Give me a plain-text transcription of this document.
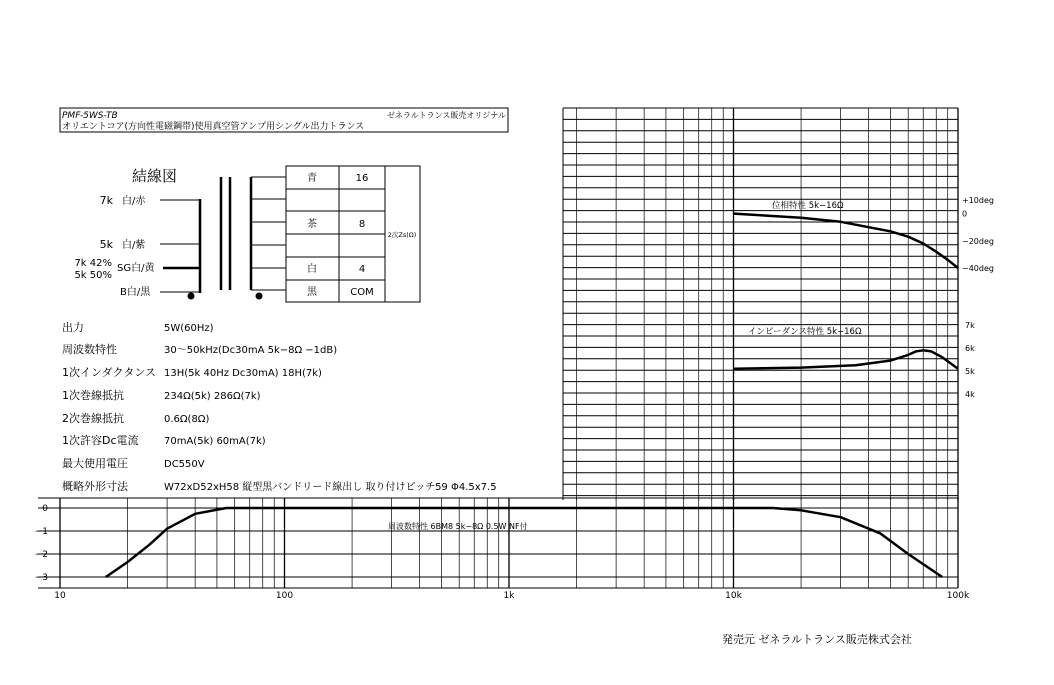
PMF-5WS-TB
オリエントコア(方向性電磁鋼帯)使用真空管アンプ用シングル出力トランス
ゼネラルトランス販売オリジナル
結線図
7k 白/赤
5k 白/紫
7k 42%
5k 50%
SG白/黄
B白/黒
青	16
茶	8
白	4
黒	COM
2次Zs(Ω)
出力	5W(60Hz)
周波数特性	30〜50kHz(Dc30mA 5k−8Ω −1dB)
1次インダクタンス 13H(5k 40Hz Dc30mA) 18H(7k)
1次巻線抵抗	234Ω(5k) 286Ω(7k)
2次巻線抵抗	0.6Ω(8Ω)
1次許容Dc電流	70mA(5k) 60mA(7k)
最大使用電圧	DC550V
概略外形寸法	W72xD52xH58 縦型黒バンドリード線出し 取り付けピッチ59 Φ4.5x7.5
+10deg
0
−20deg
−40deg
位相特性 5k−16Ω
7k
6k
5k
4k
インピーダンス特性 5k−16Ω
0
−1
−2
−3
10	100	1k	10k	100k
周波数特性 6BM8 5k−8Ω 0.5W NF付
発売元 ゼネラルトランス販売株式会社
